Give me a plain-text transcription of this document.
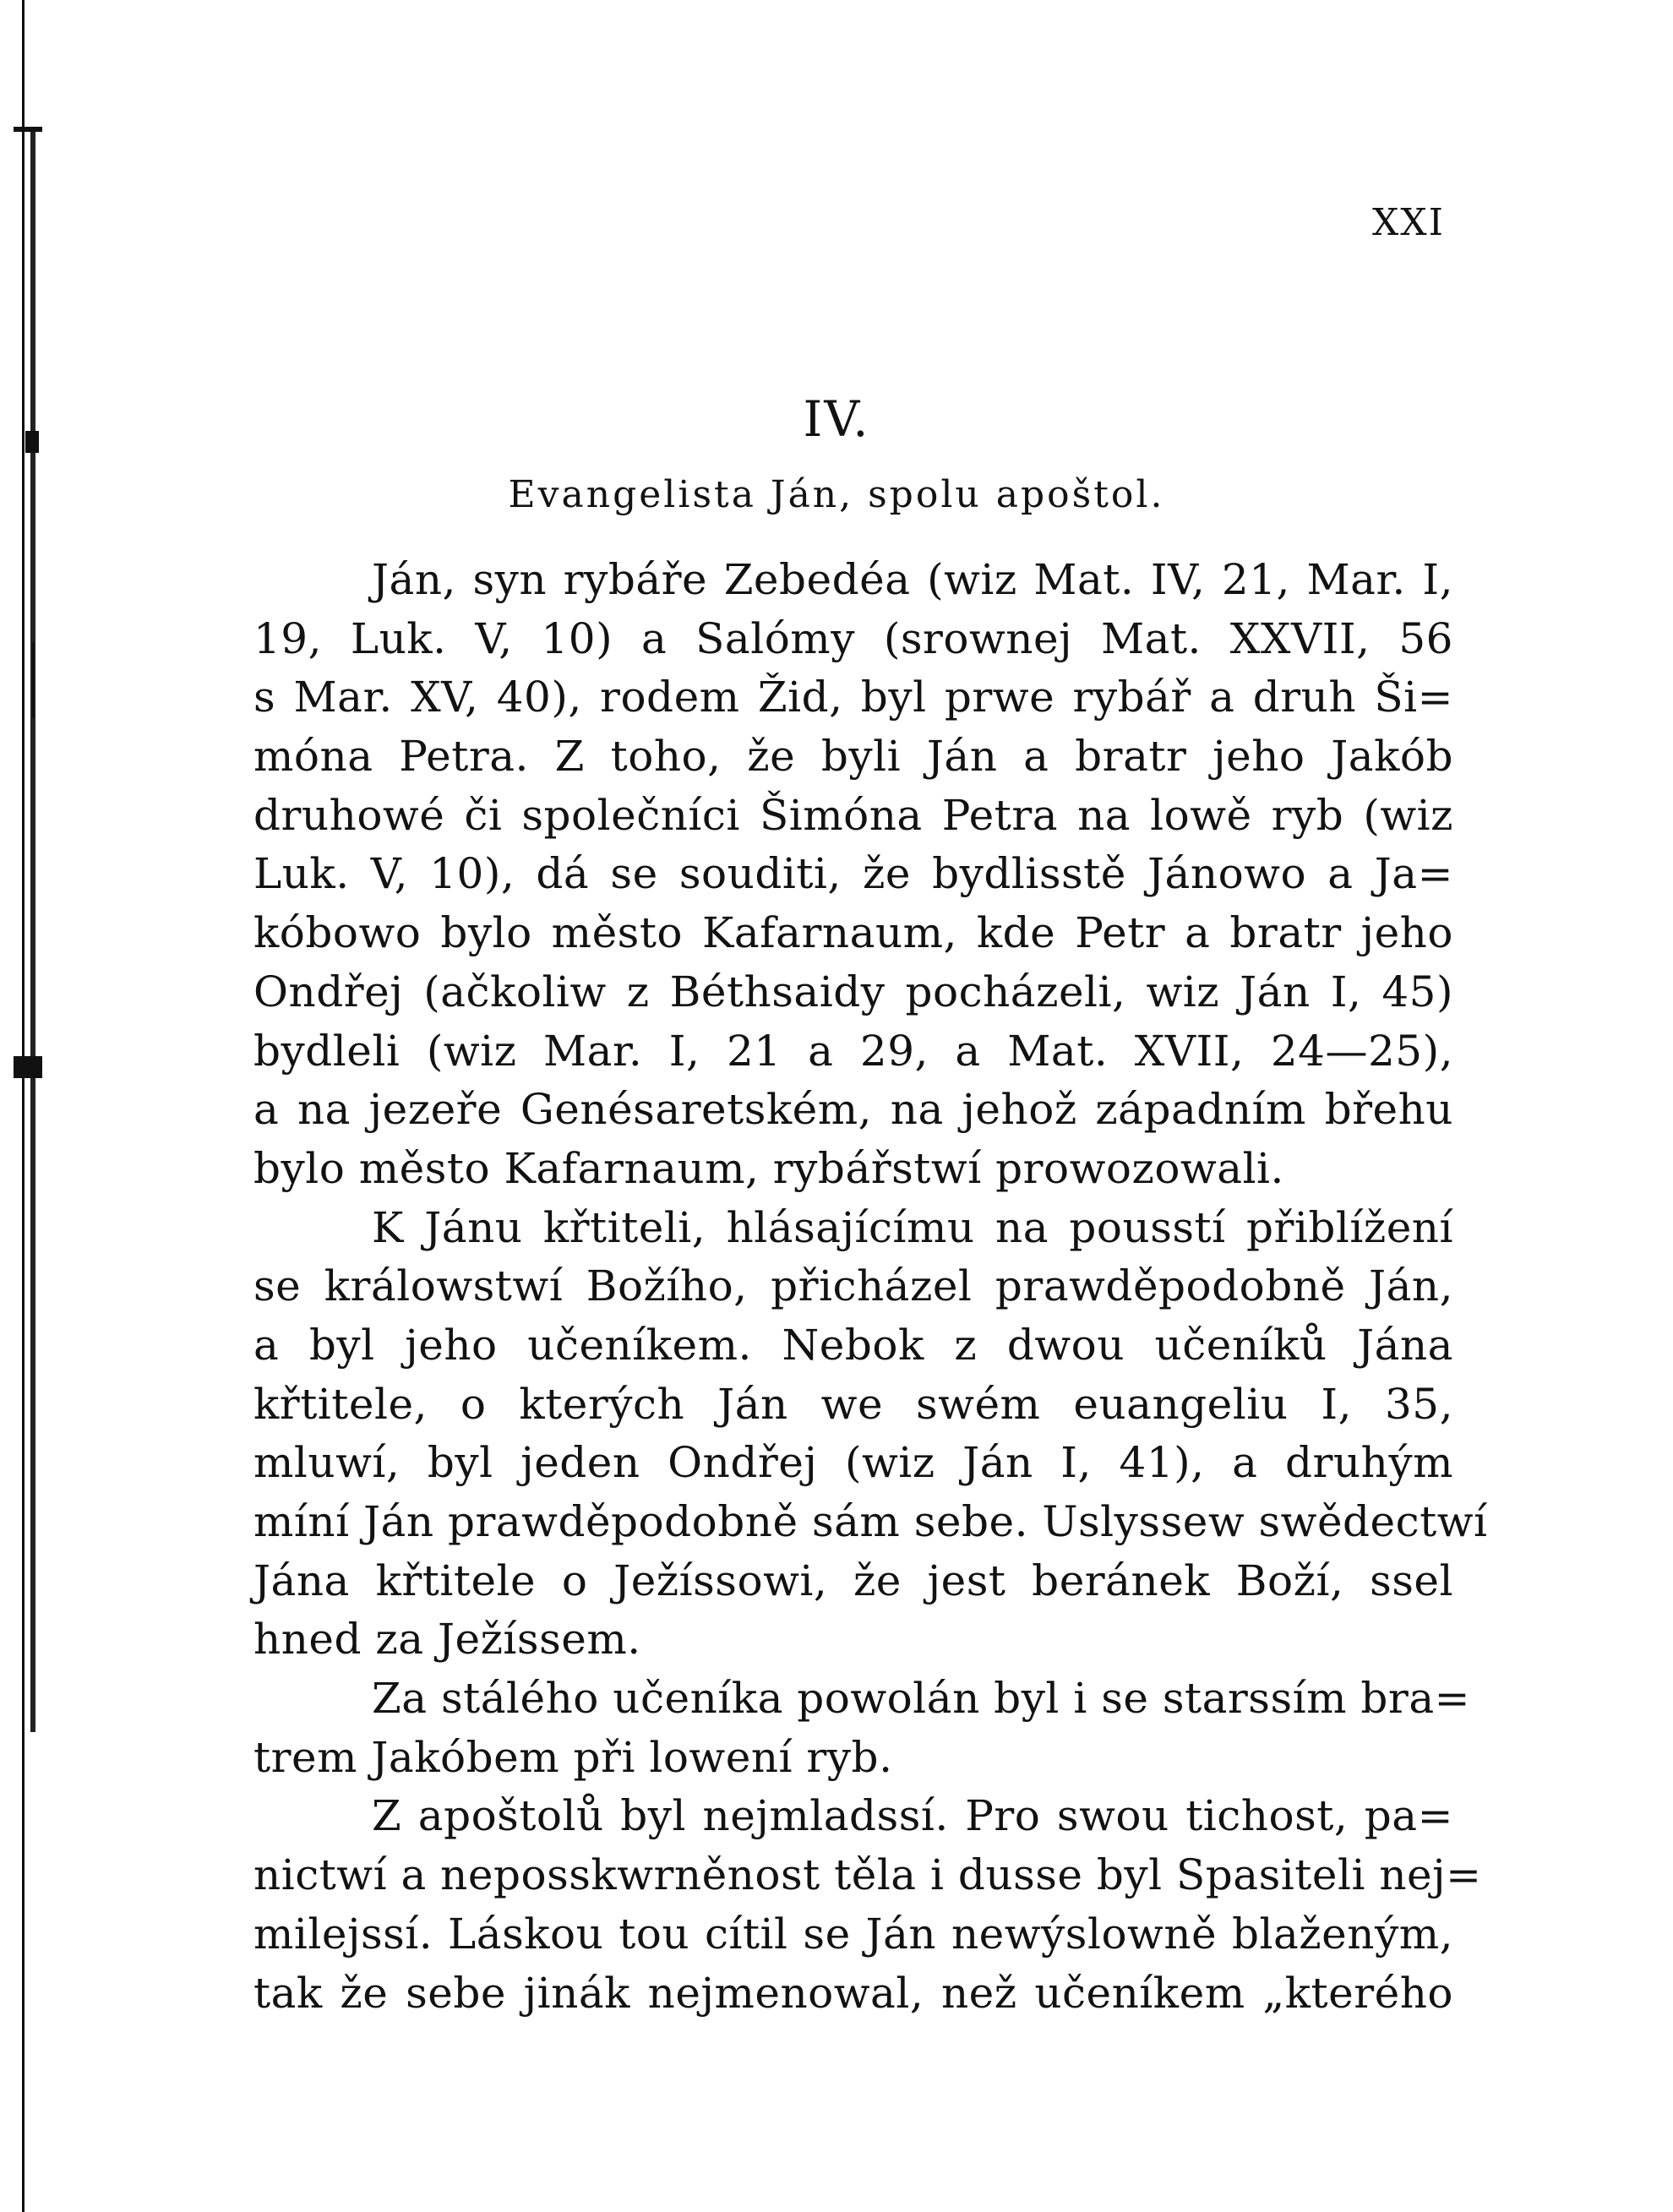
XXI
IV.
Evangelista Ján, spolu apoštol.
Ján, syn rybáře Zebedéa (wiz Mat. IV, 21, Mar. I,
19, Luk. V, 10) a Salómy (srownej Mat. XXVII, 56
s Mar. XV, 40), rodem Žid, byl prwe rybář a druh Ši=
móna Petra. Z toho, že byli Ján a bratr jeho Jakób
druhowé či společníci Šimóna Petra na lowě ryb (wiz
Luk. V, 10), dá se souditi, že bydlisstě Jánowo a Ja=
kóbowo bylo město Kafarnaum, kde Petr a bratr jeho
Ondřej (ačkoliw z Béthsaidy pocházeli, wiz Ján I, 45)
bydleli (wiz Mar. I, 21 a 29, a Mat. XVII, 24—25),
a na jezeře Genésaretském, na jehož západním břehu
bylo město Kafarnaum, rybářstwí prowozowali.
K Jánu křtiteli, hlásajícímu na pousstí přiblížení
se králowstwí Božího, přicházel prawděpodobně Ján,
a byl jeho učeníkem. Nebok z dwou učeníků Jána
křtitele, o kterých Ján we swém euangeliu I, 35,
mluwí, byl jeden Ondřej (wiz Ján I, 41), a druhým
míní Ján prawděpodobně sám sebe. Uslyssew swědectwí
Jána křtitele o Ježíssowi, že jest beránek Boží, ssel
hned za Ježíssem.
Za stálého učeníka powolán byl i se starssím bra=
trem Jakóbem při lowení ryb.
Z apoštolů byl nejmladssí. Pro swou tichost, pa=
nictwí a neposskwrněnost těla i dusse byl Spasiteli nej=
milejssí. Láskou tou cítil se Ján newýslowně blaženým,
tak že sebe jinák nejmenowal, než učeníkem „kterého
